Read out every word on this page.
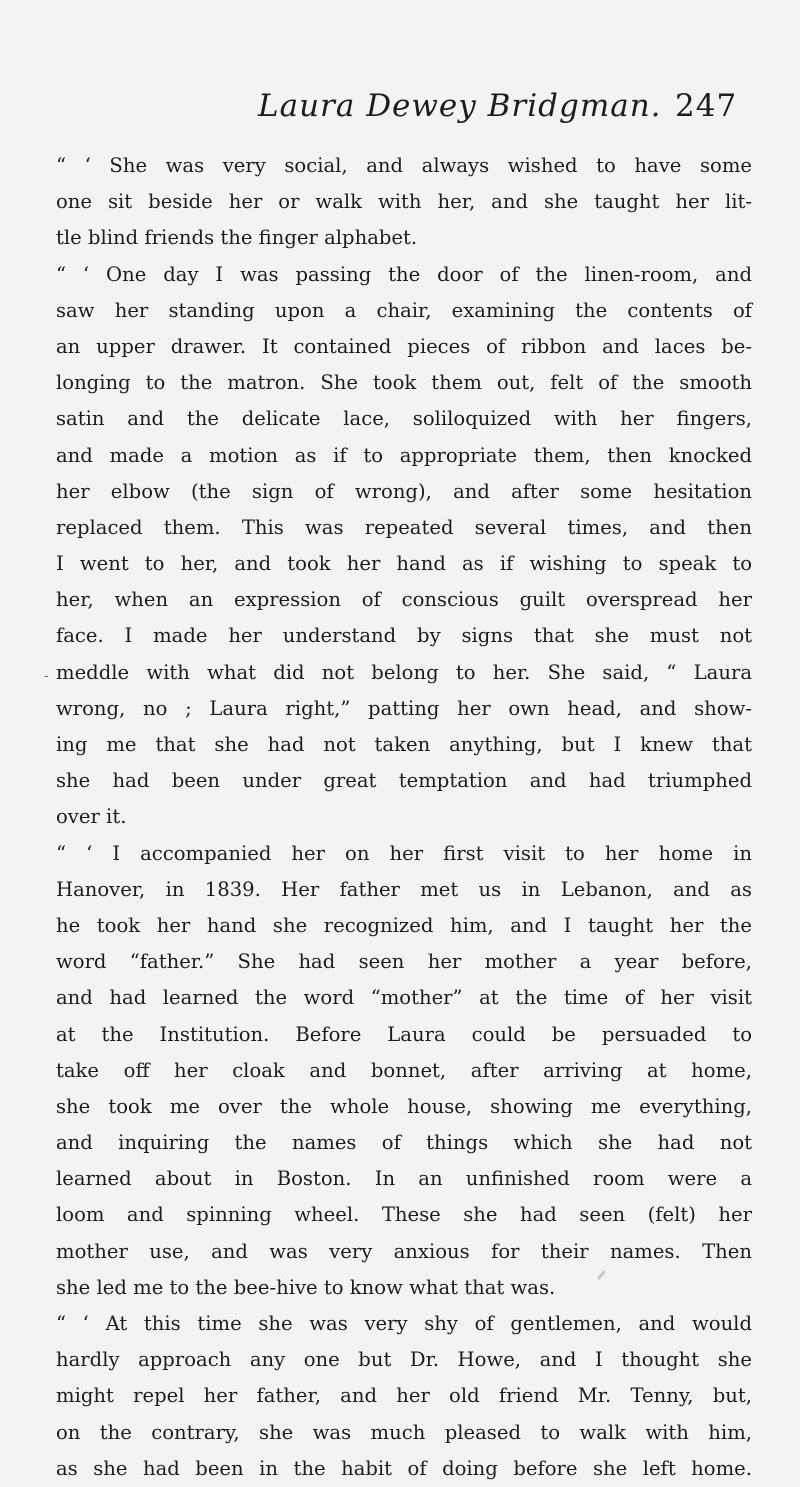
Laura Dewey Bridgman. 247
-
“ ‘ She was very social, and always wished to have some
one sit beside her or walk with her, and she taught her lit-
tle blind friends the finger alphabet.
“ ‘ One day I was passing the door of the linen-room, and
saw her standing upon a chair, examining the contents of
an upper drawer. It contained pieces of ribbon and laces be-
longing to the matron. She took them out, felt of the smooth
satin and the delicate lace, soliloquized with her fingers,
and made a motion as if to appropriate them, then knocked
her elbow (the sign of wrong), and after some hesitation
replaced them. This was repeated several times, and then
I went to her, and took her hand as if wishing to speak to
her, when an expression of conscious guilt overspread her
face. I made her understand by signs that she must not
meddle with what did not belong to her. She said, “ Laura
wrong, no ; Laura right,” patting her own head, and show-
ing me that she had not taken anything, but I knew that
she had been under great temptation and had triumphed
over it.
“ ‘ I accompanied her on her first visit to her home in
Hanover, in 1839. Her father met us in Lebanon, and as
he took her hand she recognized him, and I taught her the
word “father.” She had seen her mother a year before,
and had learned the word “mother” at the time of her visit
at the Institution. Before Laura could be persuaded to
take off her cloak and bonnet, after arriving at home,
she took me over the whole house, showing me everything,
and inquiring the names of things which she had not
learned about in Boston. In an unfinished room were a
loom and spinning wheel. These she had seen (felt) her
mother use, and was very anxious for their names. Then
she led me to the bee-hive to know what that was.
“ ‘ At this time she was very shy of gentlemen, and would
hardly approach any one but Dr. Howe, and I thought she
might repel her father, and her old friend Mr. Tenny, but,
on the contrary, she was much pleased to walk with him,
as she had been in the habit of doing before she left home.
